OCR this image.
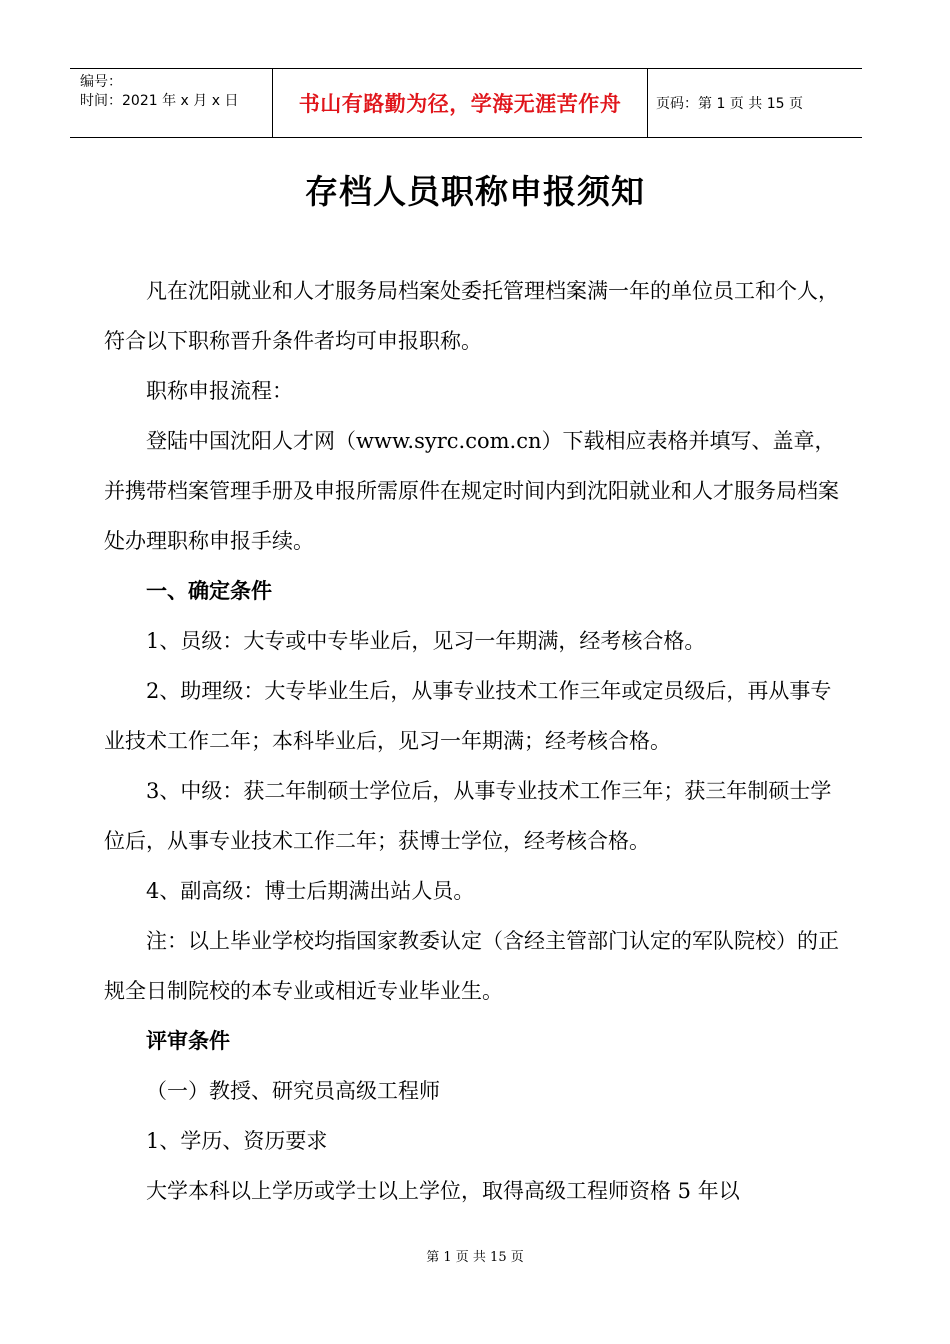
编号：
时间：2021 年 x 月 x 日	书山有路勤为径，学海无涯苦作舟 页码：第 1 页 共 15 页
存档人员职称申报须知

凡在沈阳就业和人才服务局档案处委托管理档案满一年的单位员工和个人，符合以下职称晋升条件者均可申报职称。

职称申报流程：

登陆中国沈阳人才网（www.syrc.com.cn）下载相应表格并填写、盖章，并携带档案管理手册及申报所需原件在规定时间内到沈阳就业和人才服务局档案处办理职称申报手续。

一、确定条件

1、员级：大专或中专毕业后，见习一年期满，经考核合格。

2、助理级：大专毕业生后，从事专业技术工作三年或定员级后，再从事专业技术工作二年；本科毕业后，见习一年期满；经考核合格。

3、中级：获二年制硕士学位后，从事专业技术工作三年；获三年制硕士学位后，从事专业技术工作二年；获博士学位，经考核合格。

4、副高级：博士后期满出站人员。

注：以上毕业学校均指国家教委认定（含经主管部门认定的军队院校）的正规全日制院校的本专业或相近专业毕业生。

评审条件

（一）教授、研究员高级工程师

1、学历、资历要求

大学本科以上学历或学士以上学位，取得高级工程师资格 5 年以

第 1 页 共 15 页
